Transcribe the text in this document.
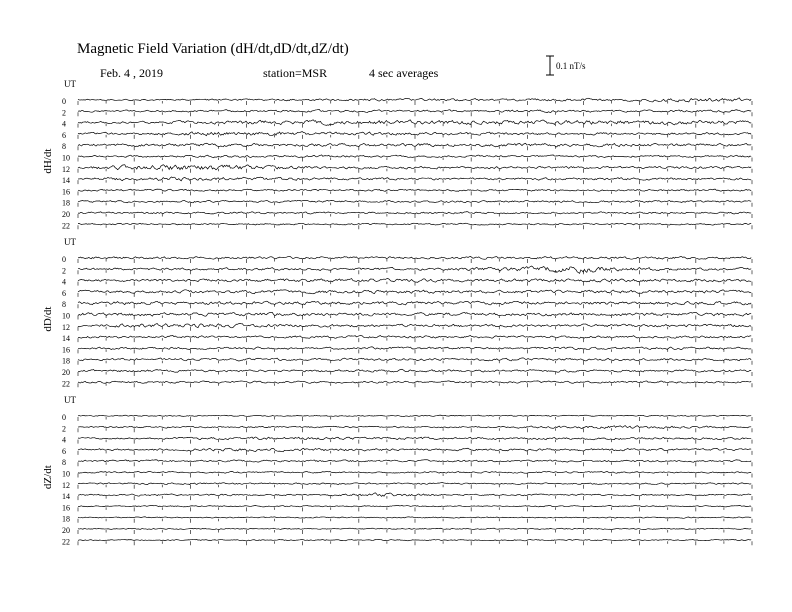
Magnetic Field Variation (dH/dt,dD/dt,dZ/dt)
Feb. 4 , 2019	station=MSR	4 sec averages	0.1 nT/s
UT
dH/dt
0
2
4
6
8
10
12
14
16
18
20
22
UT
dD/dt
0
2
4
6
8
10
12
14
16
18
20
22
UT
dZ/dt
0
2
4
6
8
10
12
14
16
18
20
22
